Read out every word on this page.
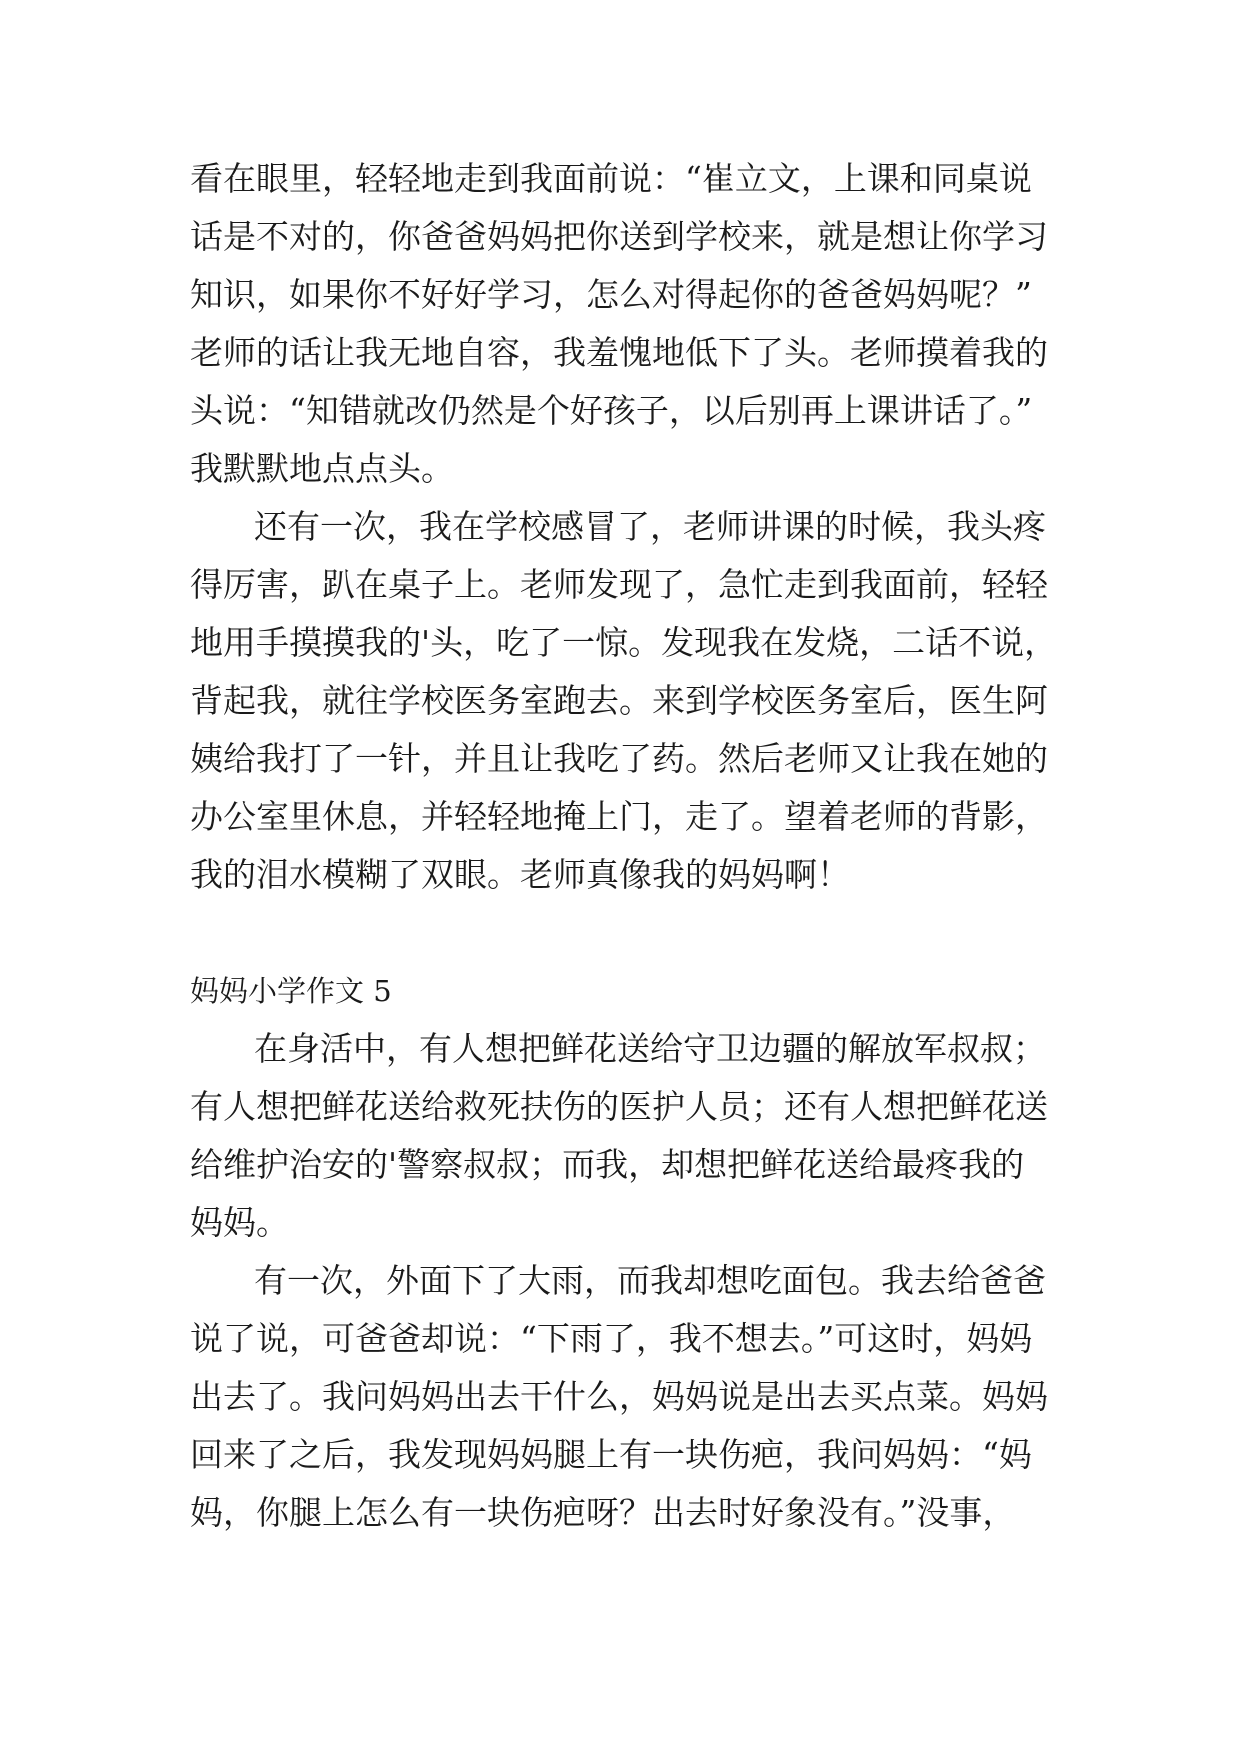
看在眼里，轻轻地走到我面前说：“崔立文，上课和同桌说
话是不对的，你爸爸妈妈把你送到学校来，就是想让你学习
知识，如果你不好好学习，怎么对得起你的爸爸妈妈呢？”
老师的话让我无地自容，我羞愧地低下了头。老师摸着我的
头说：“知错就改仍然是个好孩子，以后别再上课讲话了。”
我默默地点点头。
还有一次，我在学校感冒了，老师讲课的时候，我头疼
得厉害，趴在桌子上。老师发现了，急忙走到我面前，轻轻
地用手摸摸我的'头，吃了一惊。发现我在发烧，二话不说，
背起我，就往学校医务室跑去。来到学校医务室后，医生阿
姨给我打了一针，并且让我吃了药。然后老师又让我在她的
办公室里休息，并轻轻地掩上门，走了。望着老师的背影，
我的泪水模糊了双眼。老师真像我的妈妈啊！
妈妈小学作文 5
在身活中，有人想把鲜花送给守卫边疆的解放军叔叔；
有人想把鲜花送给救死扶伤的医护人员；还有人想把鲜花送
给维护治安的'警察叔叔；而我，却想把鲜花送给最疼我的
妈妈。
有一次，外面下了大雨，而我却想吃面包。我去给爸爸
说了说，可爸爸却说：“下雨了，我不想去。”可这时，妈妈
出去了。我问妈妈出去干什么，妈妈说是出去买点菜。妈妈
回来了之后，我发现妈妈腿上有一块伤疤，我问妈妈：“妈
妈，你腿上怎么有一块伤疤呀？出去时好象没有。”没事，
